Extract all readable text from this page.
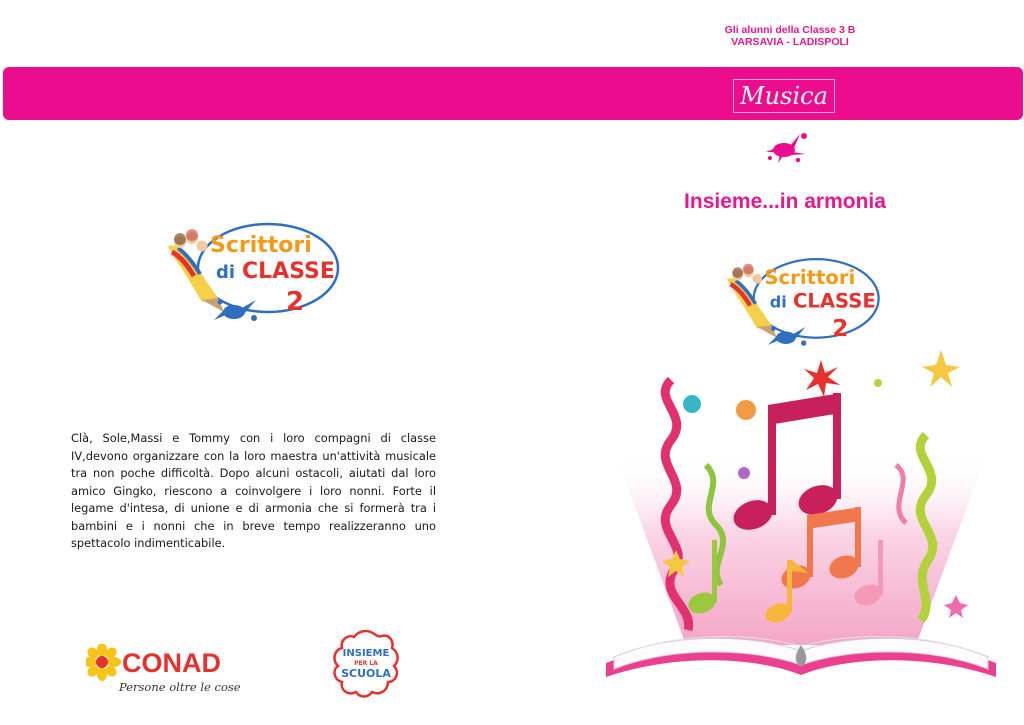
Gli alunni della Classe 3 B
VARSAVIA - LADISPOLI
Musica
Insieme...in armonia
Scrittori
di CLASSE
2
Scrittori
di CLASSE
2

Clà, Sole,Massi e Tommy con i loro compagni di classe IV,devono organizzare con la loro maestra un'attività musicale tra non poche difficoltà. Dopo alcuni ostacoli, aiutati dal loro amico Gingko, riescono a coinvolgere i loro nonni. Forte il legame d'intesa, di unione e di armonia che si formerà tra i bambini e i nonni che in breve tempo realizzeranno uno spettacolo indimenticabile.

CONAD
Persone oltre le cose
INSIEME
PER LA
SCUOLA
